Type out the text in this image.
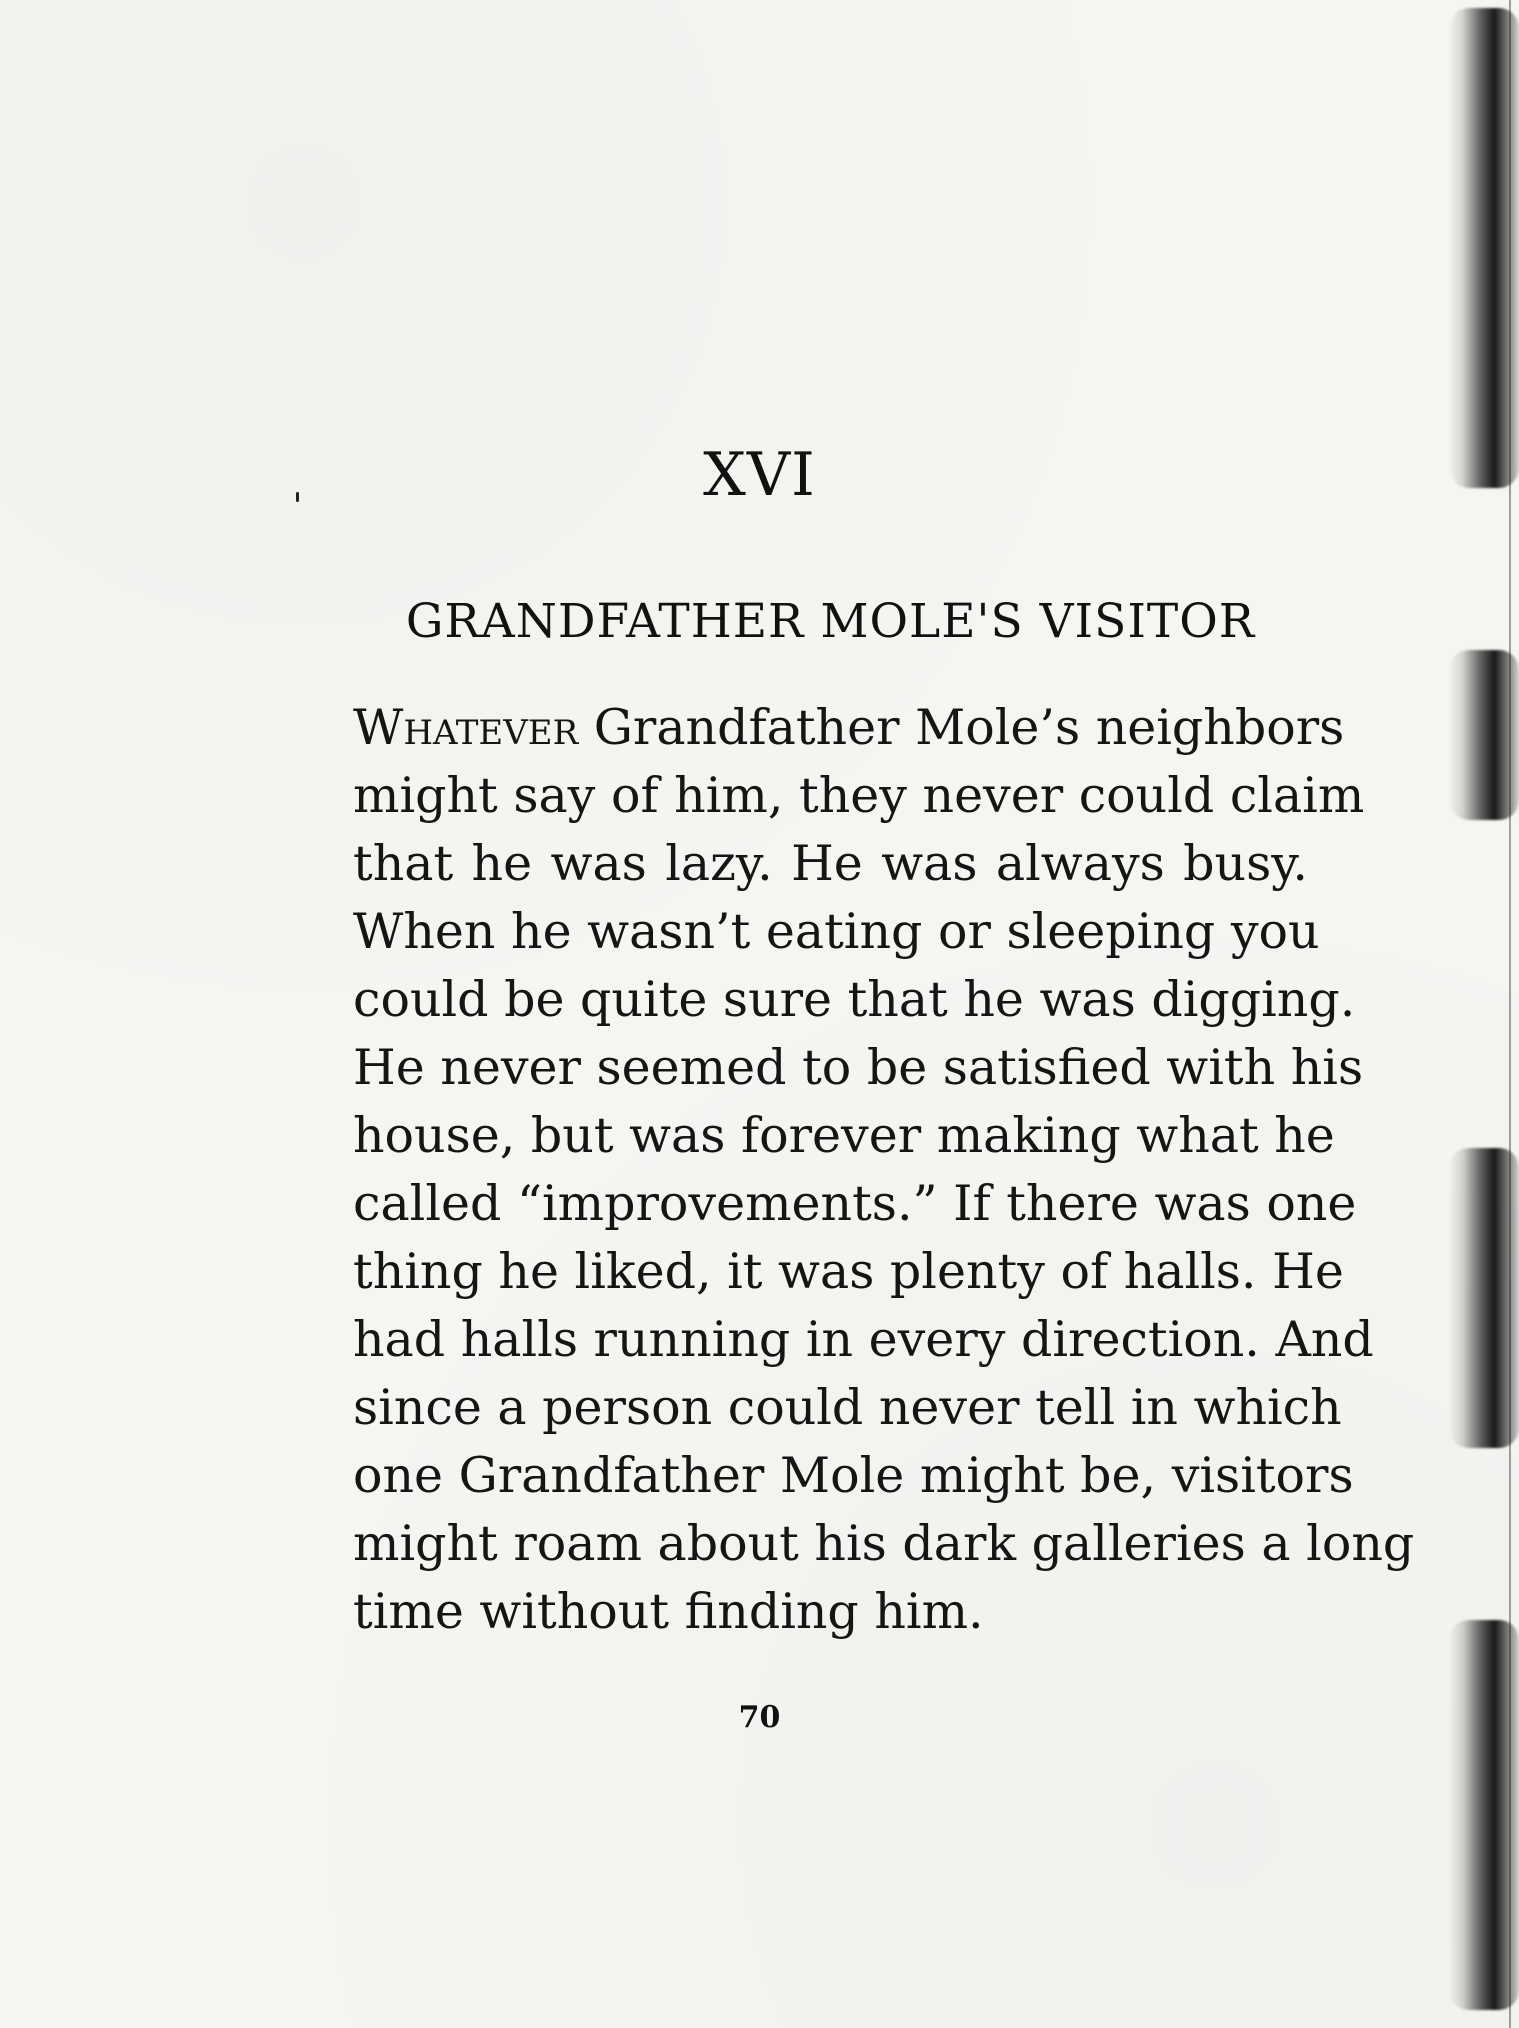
XVI
GRANDFATHER MOLE'S VISITOR
Whatever Grandfather Mole’s neighbors
might say of him, they never could claim
that he was lazy. He was always busy.
When he wasn’t eating or sleeping you
could be quite sure that he was digging.
He never seemed to be satisfied with his
house, but was forever making what he
called “improvements.” If there was one
thing he liked, it was plenty of halls. He
had halls running in every direction. And
since a person could never tell in which
one Grandfather Mole might be, visitors
might roam about his dark galleries a long
time without finding him.
70
